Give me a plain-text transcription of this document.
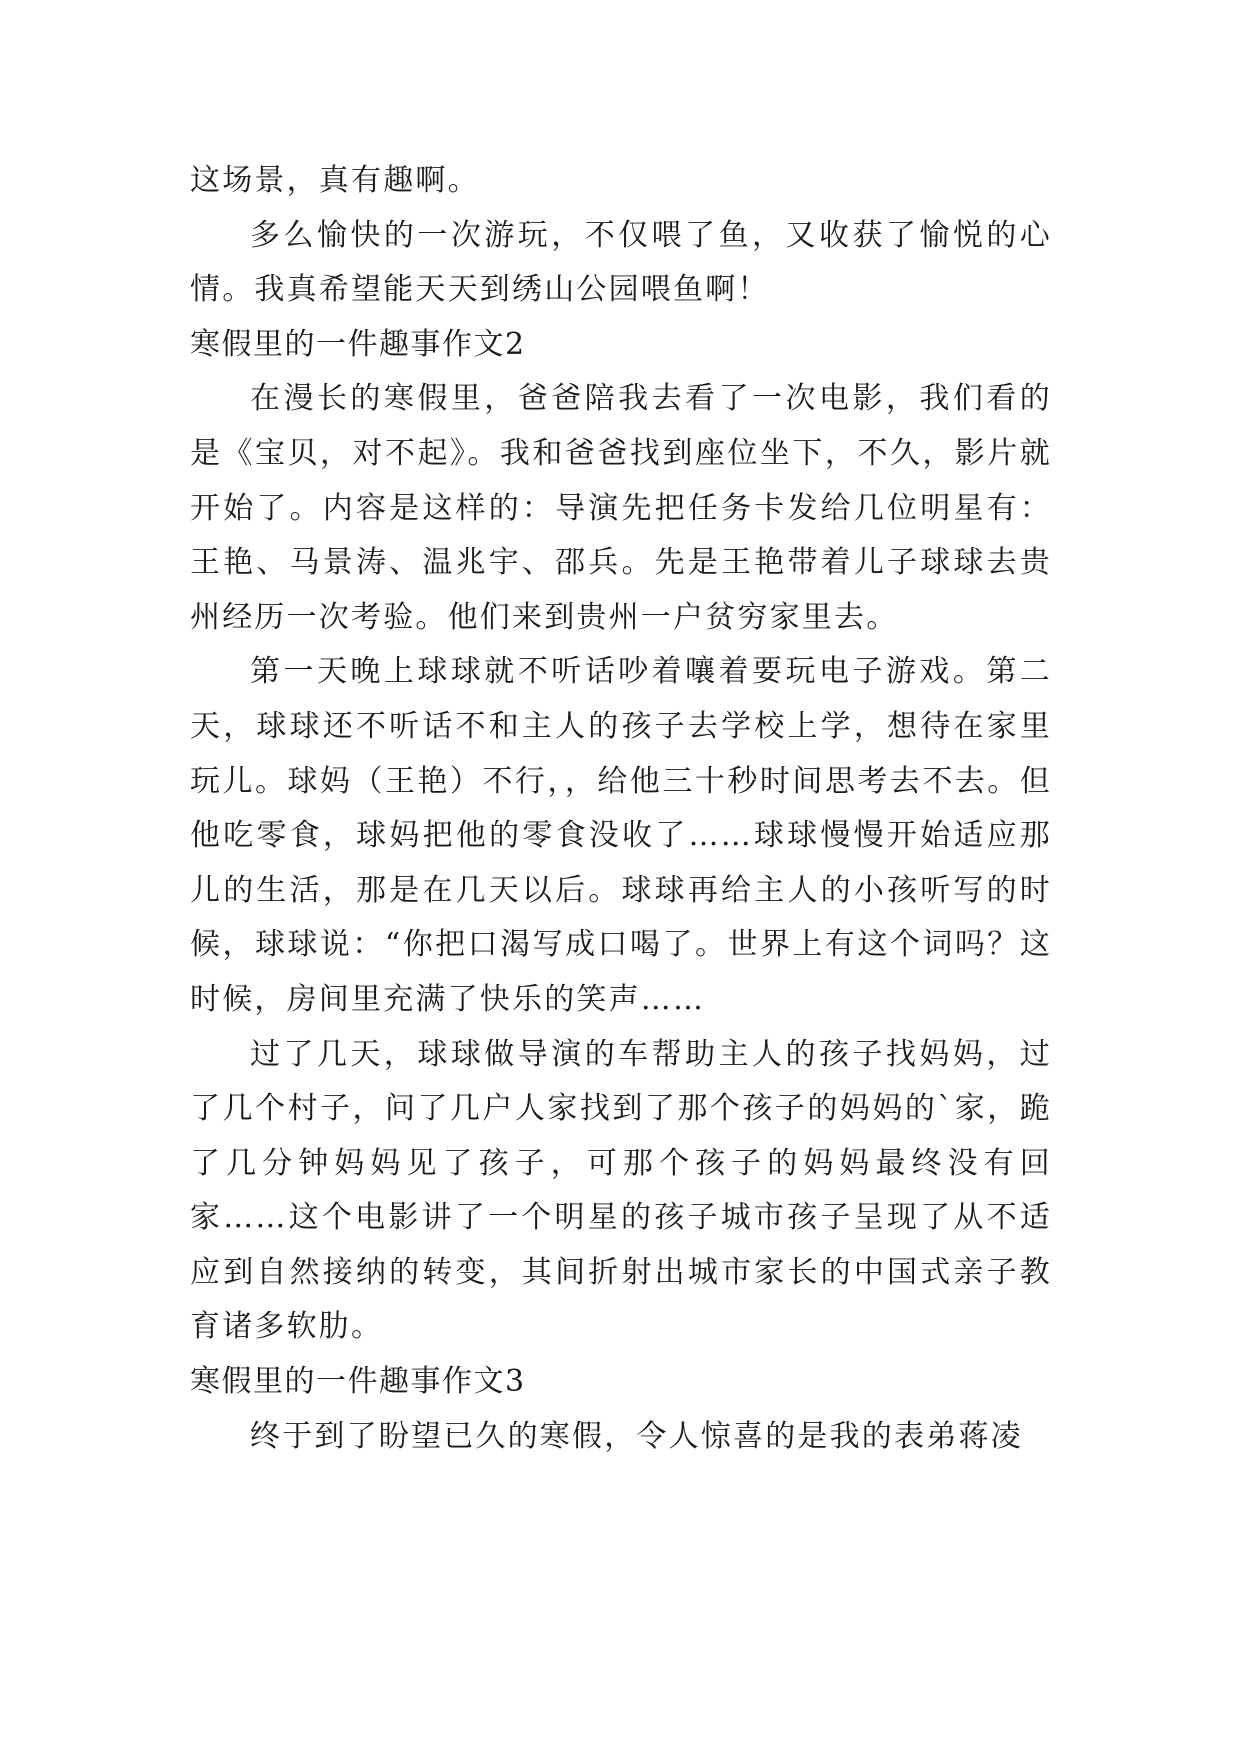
这场景，真有趣啊。

多么愉快的一次游玩，不仅喂了鱼，又收获了愉悦的心情。我真希望能天天到绣山公园喂鱼啊！

寒假里的一件趣事作文2

在漫长的寒假里，爸爸陪我去看了一次电影，我们看的是《宝贝，对不起》。我和爸爸找到座位坐下，不久，影片就开始了。内容是这样的：导演先把任务卡发给几位明星有：王艳、马景涛、温兆宇、邵兵。先是王艳带着儿子球球去贵州经历一次考验。他们来到贵州一户贫穷家里去。

第一天晚上球球就不听话吵着嚷着要玩电子游戏。第二天，球球还不听话不和主人的孩子去学校上学，想待在家里玩儿。球妈（王艳）不行，，给他三十秒时间思考去不去。但他吃零食，球妈把他的零食没收了……球球慢慢开始适应那儿的生活，那是在几天以后。球球再给主人的小孩听写的时候，球球说：“你把口渴写成口喝了。世界上有这个词吗？这时候，房间里充满了快乐的笑声……

过了几天，球球做导演的车帮助主人的孩子找妈妈，过了几个村子，问了几户人家找到了那个孩子的妈妈的`家，跪了几分钟妈妈见了孩子，可那个孩子的妈妈最终没有回家……这个电影讲了一个明星的孩子城市孩子呈现了从不适应到自然接纳的转变，其间折射出城市家长的中国式亲子教育诸多软肋。

寒假里的一件趣事作文3

终于到了盼望已久的寒假，令人惊喜的是我的表弟蒋凌
